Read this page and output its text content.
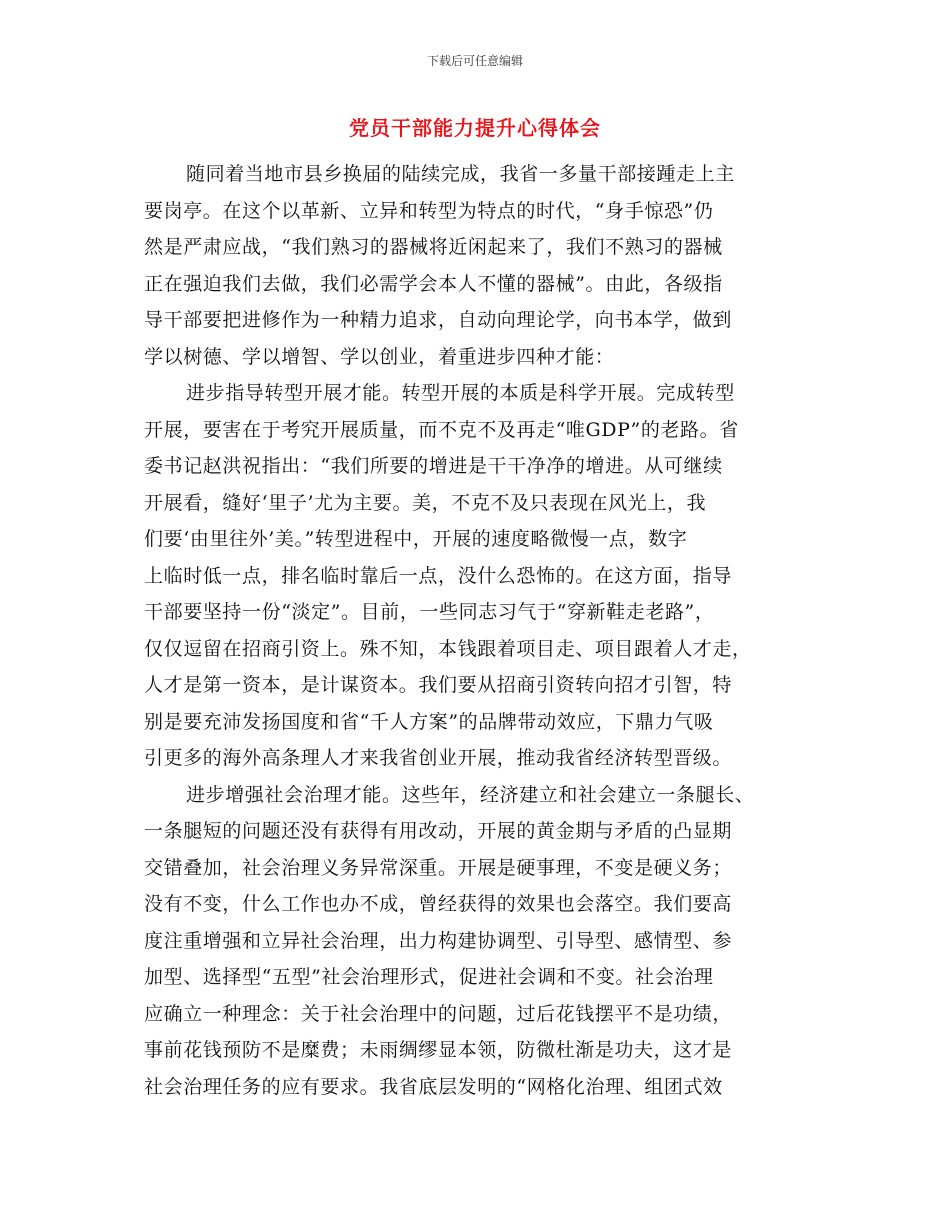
下载后可任意编辑
党员干部能力提升心得体会
随同着当地市县乡换届的陆续完成，我省一多量干部接踵走上主
要岗亭。在这个以革新、立异和转型为特点的时代，“身手惊恐”仍
然是严肃应战，“我们熟习的器械将近闲起来了，我们不熟习的器械
正在强迫我们去做，我们必需学会本人不懂的器械”。由此，各级指
导干部要把进修作为一种精力追求，自动向理论学，向书本学，做到
学以树德、学以增智、学以创业，着重进步四种才能：
进步指导转型开展才能。转型开展的本质是科学开展。完成转型
开展，要害在于考究开展质量，而不克不及再走“唯GDP”的老路。省
委书记赵洪祝指出：“我们所要的增进是干干净净的增进。从可继续
开展看，缝好‘里子’尤为主要。美，不克不及只表现在风光上，我
们要‘由里往外’美。”转型进程中，开展的速度略微慢一点，数字
上临时低一点，排名临时靠后一点，没什么恐怖的。在这方面，指导
干部要坚持一份“淡定”。目前，一些同志习气于“穿新鞋走老路”，
仅仅逗留在招商引资上。殊不知，本钱跟着项目走、项目跟着人才走，
人才是第一资本，是计谋资本。我们要从招商引资转向招才引智，特
别是要充沛发扬国度和省“千人方案”的品牌带动效应，下鼎力气吸
引更多的海外高条理人才来我省创业开展，推动我省经济转型晋级。
进步增强社会治理才能。这些年，经济建立和社会建立一条腿长、
一条腿短的问题还没有获得有用改动，开展的黄金期与矛盾的凸显期
交错叠加，社会治理义务异常深重。开展是硬事理，不变是硬义务；
没有不变，什么工作也办不成，曾经获得的效果也会落空。我们要高
度注重增强和立异社会治理，出力构建协调型、引导型、感情型、参
加型、选择型“五型”社会治理形式，促进社会调和不变。社会治理
应确立一种理念：关于社会治理中的问题，过后花钱摆平不是功绩，
事前花钱预防不是糜费；未雨绸缪显本领，防微杜渐是功夫，这才是
社会治理任务的应有要求。我省底层发明的“网格化治理、组团式效
